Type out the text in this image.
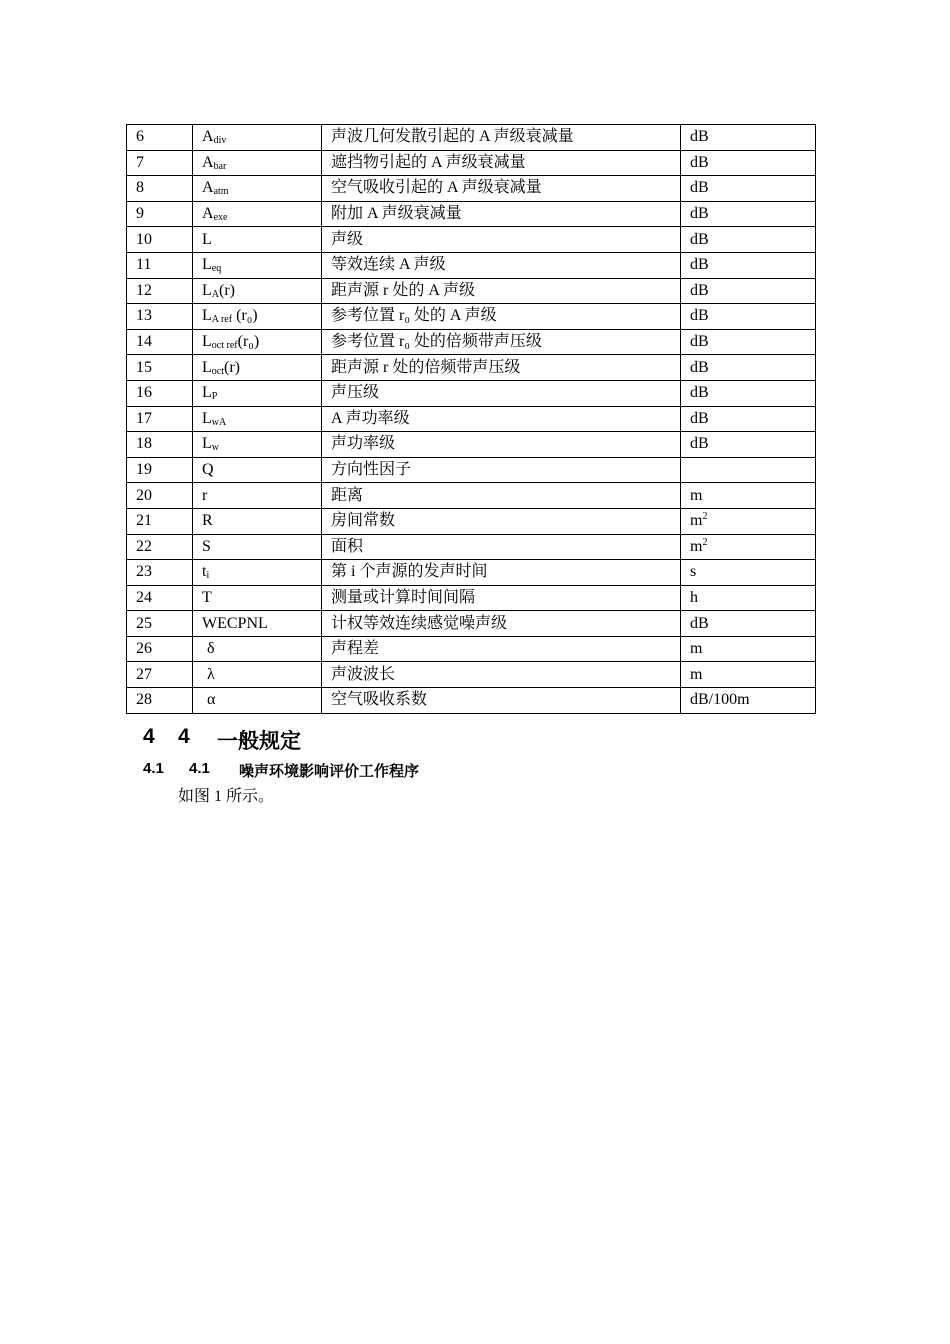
6	$A_{div}$	声波几何发散引起的 A 声级衰减量	dB
7	$A_{bar}$	遮挡物引起的 A 声级衰减量	dB
8	$A_{atm}$	空气吸收引起的 A 声级衰减量	dB
9	$A_{exe}$	附加 A 声级衰减量	dB
10	L	声级	dB
11	$L_{eq}$	等效连续 A 声级	dB
12	$L_A(r)$	距声源 r 处的 A 声级	dB
13	$L_{A ref}$ (r₀)	参考位置 r₀ 处的 A 声级	dB
14	$L_{oct ref}(r_0)$	参考位置 r₀ 处的倍频带声压级	dB
15	$L_{oct}(r)$	距声源 r 处的倍频带声压级	dB
16	$L_P$	声压级	dB
17	$L_{wA}$	A 声功率级	dB
18	$L_w$	声功率级	dB
19	Q	方向性因子	
20	r	距离	m
21	R	房间常数	$m^2$
22	S	面积	$m^2$
23	$t_i$	第 i 个声源的发声时间	s
24	T	测量或计算时间间隔	h
25	WECPNL	计权等效连续感觉噪声级	dB
26	δ	声程差	m
27	λ	声波波长	m
28	α	空气吸收系数	dB/100m
4 4 一般规定
4.1 4.1 噪声环境影响评价工作程序
如图 1 所示。
